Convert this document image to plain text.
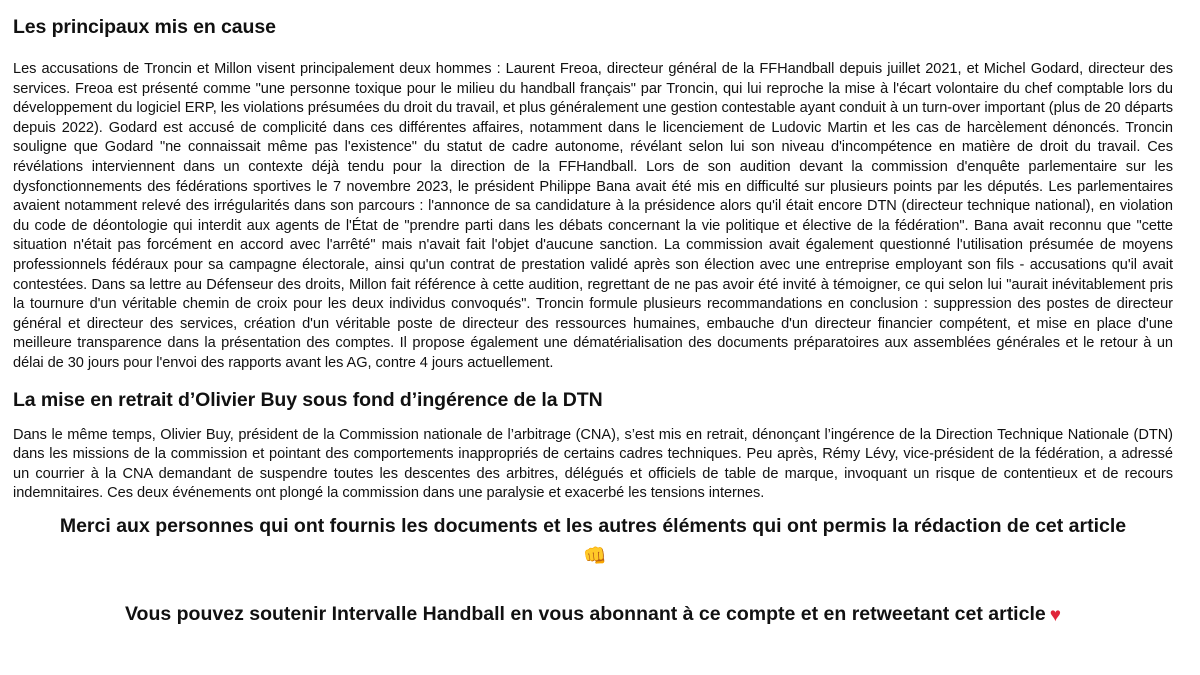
Les principaux mis en cause

Les accusations de Troncin et Millon visent principalement deux hommes : Laurent Freoa, directeur général de la FFHandball depuis juillet 2021, et Michel Godard, directeur des services. Freoa est présenté comme "une personne toxique pour le milieu du handball français" par Troncin, qui lui reproche la mise à l'écart volontaire du chef comptable lors du développement du logiciel ERP, les violations présumées du droit du travail, et plus généralement une gestion contestable ayant conduit à un turn-over important (plus de 20 départs depuis 2022). Godard est accusé de complicité dans ces différentes affaires, notamment dans le licenciement de Ludovic Martin et les cas de harcèlement dénoncés. Troncin souligne que Godard "ne connaissait même pas l'existence" du statut de cadre autonome, révélant selon lui son niveau d'incompétence en matière de droit du travail. Ces révélations interviennent dans un contexte déjà tendu pour la direction de la FFHandball. Lors de son audition devant la commission d'enquête parlementaire sur les dysfonctionnements des fédérations sportives le 7 novembre 2023, le président Philippe Bana avait été mis en difficulté sur plusieurs points par les députés. Les parlementaires avaient notamment relevé des irrégularités dans son parcours : l'annonce de sa candidature à la présidence alors qu'il était encore DTN (directeur technique national), en violation du code de déontologie qui interdit aux agents de l'État de "prendre parti dans les débats concernant la vie politique et élective de la fédération". Bana avait reconnu que "cette situation n'était pas forcément en accord avec l'arrêté" mais n'avait fait l'objet d'aucune sanction. La commission avait également questionné l'utilisation présumée de moyens professionnels fédéraux pour sa campagne électorale, ainsi qu'un contrat de prestation validé après son élection avec une entreprise employant son fils - accusations qu'il avait contestées. Dans sa lettre au Défenseur des droits, Millon fait référence à cette audition, regrettant de ne pas avoir été invité à témoigner, ce qui selon lui "aurait inévitablement pris la tournure d'un véritable chemin de croix pour les deux individus convoqués". Troncin formule plusieurs recommandations en conclusion : suppression des postes de directeur général et directeur des services, création d'un véritable poste de directeur des ressources humaines, embauche d'un directeur financier compétent, et mise en place d'une meilleure transparence dans la présentation des comptes. Il propose également une dématérialisation des documents préparatoires aux assemblées générales et le retour à un délai de 30 jours pour l'envoi des rapports avant les AG, contre 4 jours actuellement.

La mise en retrait d’Olivier Buy sous fond d’ingérence de la DTN

Dans le même temps, Olivier Buy, président de la Commission nationale de l’arbitrage (CNA), s’est mis en retrait, dénonçant l’ingérence de la Direction Technique Nationale (DTN) dans les missions de la commission et pointant des comportements inappropriés de certains cadres techniques. Peu après, Rémy Lévy, vice-président de la fédération, a adressé un courrier à la CNA demandant de suspendre toutes les descentes des arbitres, délégués et officiels de table de marque, invoquant un risque de contentieux et de recours indemnitaires. Ces deux événements ont plongé la commission dans une paralysie et exacerbé les tensions internes.

Merci aux personnes qui ont fournis les documents et les autres éléments qui ont permis la rédaction de cet article👊

Vous pouvez soutenir Intervalle Handball en vous abonnant à ce compte et en retweetant cet article ♥
